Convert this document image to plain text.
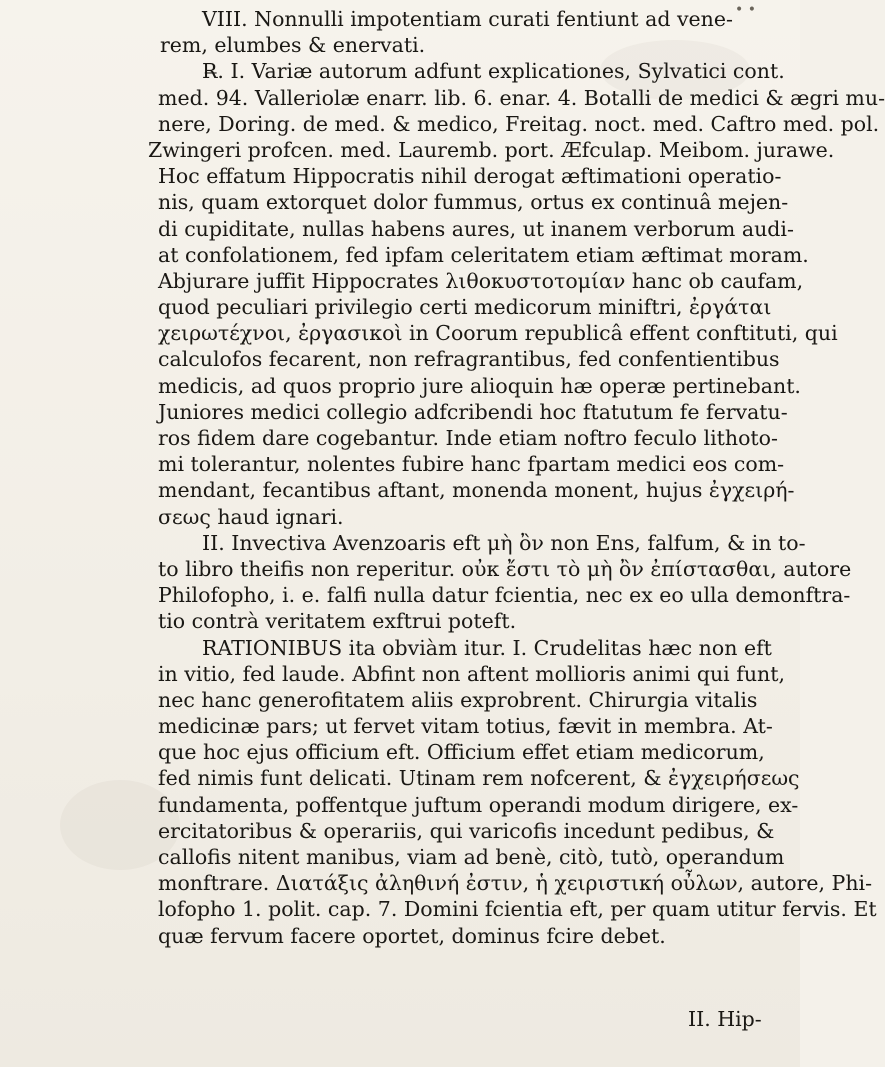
• •
VIII. Nonnulli impotentiam curati fentiunt ad vene-
rem, elumbes & enervati.
R̶. I. Variæ autorum adfunt explicationes, Sylvatici cont.
med. 94. Valleriolæ enarr. lib. 6. enar. 4. Botalli de medici & ægri mu-
nere, Doring. de med. & medico, Freitag. noct. med. Caftro med. pol.
Zwingeri profcen. med. Lauremb. port. Æfculap. Meibom. jurawe.
Hoc effatum Hippocratis nihil derogat æftimationi operatio-
nis, quam extorquet dolor fummus, ortus ex continuâ mejen-
di cupiditate, nullas habens aures, ut inanem verborum audi-
at confolationem, fed ipfam celeritatem etiam æftimat moram.
Abjurare juffit Hippocrates λιθοκυστοτομίαν hanc ob caufam,
quod peculiari privilegio certi medicorum miniftri, ἐργάται
χειρωτέχνοι, ἐργασικοὶ in Coorum republicâ effent conftituti, qui
calculofos fecarent, non refragrantibus, fed confentientibus
medicis, ad quos proprio jure alioquin hæ operæ pertinebant.
Juniores medici collegio adfcribendi hoc ftatutum fe fervatu-
ros fidem dare cogebantur. Inde etiam noftro feculo lithoto-
mi tolerantur, nolentes fubire hanc fpartam medici eos com-
mendant, fecantibus aftant, monenda monent, hujus ἐγχειρή-
σεως haud ignari.
II. Invectiva Avenzoaris eft μὴ ὂν non Ens, falfum, & in to-
to libro theifis non reperitur. οὐκ ἔστι τὸ μὴ ὂν ἐπίστασθαι, autore
Philofopho, i. e. falfi nulla datur fcientia, nec ex eo ulla demonftra-
tio contrà veritatem exftrui poteft.
RATIONIBUS ita obviàm itur. I. Crudelitas hæc non eft
in vitio, fed laude. Abfint non aftent mollioris animi qui funt,
nec hanc generofitatem aliis exprobrent. Chirurgia vitalis
medicinæ pars; ut fervet vitam totius, fævit in membra. At-
que hoc ejus officium eft. Officium effet etiam medicorum,
fed nimis funt delicati. Utinam rem nofcerent, & ἐγχειρήσεως
fundamenta, poffentque juftum operandi modum dirigere, ex-
ercitatoribus & operariis, qui varicofis incedunt pedibus, &
callofis nitent manibus, viam ad benè, citò, tutò, operandum
monftrare. Διατάξις ἀληθινή ἐστιν, ἡ χειριστική οὖλων, autore, Phi-
lofopho 1. polit. cap. 7. Domini fcientia eft, per quam utitur fervis. Et
quæ fervum facere oportet, dominus fcire debet.
II. Hip-
